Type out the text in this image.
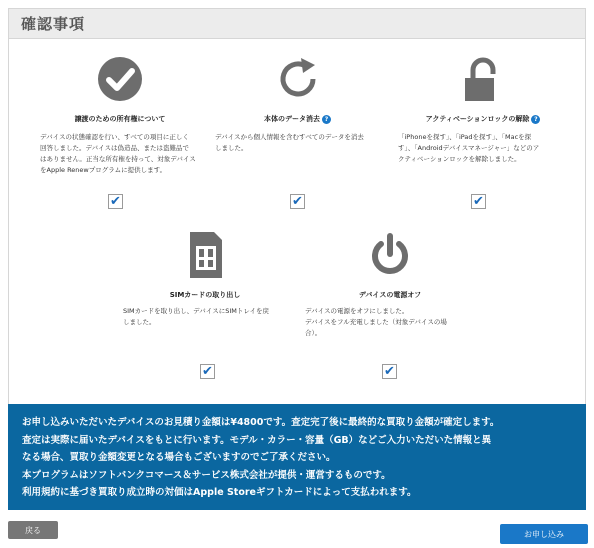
確認事項
譲渡のための所有権について
デバイスの状態確認を行い、すべての項目に正しく
回答しました。デバイスは偽造品、または盗難品で
はありません。正当な所有権を持って、対象デバイス
をApple Renewプログラムに提供します。
✔
本体のデータ消去 ?
デバイスから個人情報を含むすべてのデータを消去
しました。
✔
アクティベーションロックの解除 ?
「iPhoneを探す」、「iPadを探す」、「Macを探
す」、「Androidデバイスマネージャー」などのア
クティベーションロックを解除しました。
✔
SIMカードの取り出し
SIMカードを取り出し、デバイスにSIMトレイを戻
しました。
✔
デバイスの電源オフ
デバイスの電源をオフにしました。
デバイスをフル充電しました（対象デバイスの場
合）。
✔
お申し込みいただいたデバイスのお見積り金額は¥4800です。査定完了後に最終的な買取り金額が確定します。
査定は実際に届いたデバイスをもとに行います。モデル・カラー・容量（GB）などご入力いただいた情報と異
なる場合、買取り金額変更となる場合もございますのでご了承ください。
本プログラムはソフトバンクコマース＆サービス株式会社が提供・運営するものです。
利用規約に基づき買取り成立時の対価はApple Storeギフトカードによって支払われます。
戻る	お申し込み
